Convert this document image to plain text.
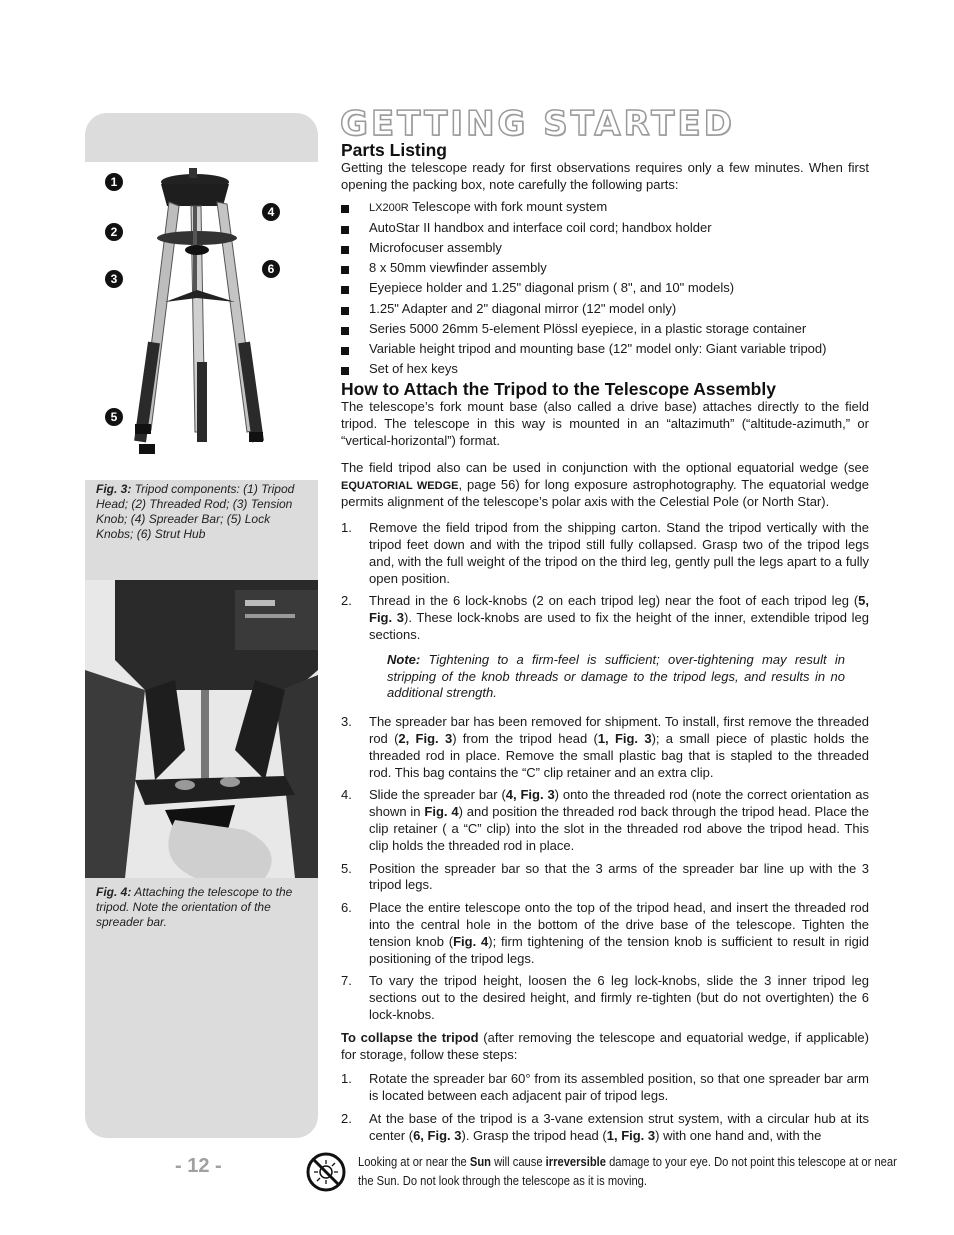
1
2
3
4
5
6
Fig. 3: Tripod components: (1) Tripod Head; (2) Threaded Rod; (3) Tension Knob; (4) Spreader Bar; (5) Lock Knobs; (6) Strut Hub
Fig. 4: Attaching the telescope to the tripod. Note the orientation of the spreader bar.
- 12 -
GETTING STARTED
Parts Listing

Getting the telescope ready for first observations requires only a few minutes. When first opening the packing box, note carefully the following parts:

LX200R Telescope with fork mount system
AutoStar II handbox and interface coil cord; handbox holder
Microfocuser assembly
8 x 50mm viewfinder assembly
Eyepiece holder and 1.25" diagonal prism ( 8", and 10" models)
1.25" Adapter and 2" diagonal mirror (12" model only)
Series 5000 26mm 5-element Plössl eyepiece, in a plastic storage container
Variable height tripod and mounting base (12" model only: Giant variable tripod)
Set of hex keys
How to Attach the Tripod to the Telescope Assembly

The telescope’s fork mount base (also called a drive base) attaches directly to the field tripod. The telescope in this way is mounted in an “altazimuth” (“altitude-azimuth,” or “vertical-horizontal”) format.

The field tripod also can be used in conjunction with the optional equatorial wedge (see EQUATORIAL WEDGE, page 56) for long exposure astrophotography. The equatorial wedge permits alignment of the telescope’s polar axis with the Celestial Pole (or North Star).

1. Remove the field tripod from the shipping carton. Stand the tripod vertically with the tripod feet down and with the tripod still fully collapsed. Grasp two of the tripod legs and, with the full weight of the tripod on the third leg, gently pull the legs apart to a fully open position.
2. Thread in the 6 lock-knobs (2 on each tripod leg) near the foot of each tripod leg (5, Fig. 3). These lock-knobs are used to fix the height of the inner, extendible tripod leg sections.
Note: Tightening to a firm-feel is sufficient; over-tightening may result in stripping of the knob threads or damage to the tripod legs, and results in no additional strength.
3. The spreader bar has been removed for shipment. To install, first remove the threaded rod (2, Fig. 3) from the tripod head (1, Fig. 3); a small piece of plastic holds the threaded rod in place. Remove the small plastic bag that is stapled to the threaded rod. This bag contains the “C” clip retainer and an extra clip.
4. Slide the spreader bar (4, Fig. 3) onto the threaded rod (note the correct orientation as shown in Fig. 4) and position the threaded rod back through the tripod head. Place the clip retainer ( a “C” clip) into the slot in the threaded rod above the tripod head. This clip holds the threaded rod in place.
5. Position the spreader bar so that the 3 arms of the spreader bar line up with the 3 tripod legs.
6. Place the entire telescope onto the top of the tripod head, and insert the threaded rod into the central hole in the bottom of the drive base of the telescope. Tighten the tension knob (Fig. 4); firm tightening of the tension knob is sufficient to result in rigid positioning of the tripod legs.
7. To vary the tripod height, loosen the 6 leg lock-knobs, slide the 3 inner tripod leg sections out to the desired height, and firmly re-tighten (but do not overtighten) the 6 lock-knobs.

To collapse the tripod (after removing the telescope and equatorial wedge, if applicable) for storage, follow these steps:

1. Rotate the spreader bar 60° from its assembled position, so that one spreader bar arm is located between each adjacent pair of tripod legs.
2. At the base of the tripod is a 3-vane extension strut system, with a circular hub at its center (6, Fig. 3). Grasp the tripod head (1, Fig. 3) with one hand and, with the
Looking at or near the Sun will cause irreversible damage to your eye. Do not point this telescope at or near the Sun. Do not look through the telescope as it is moving.
